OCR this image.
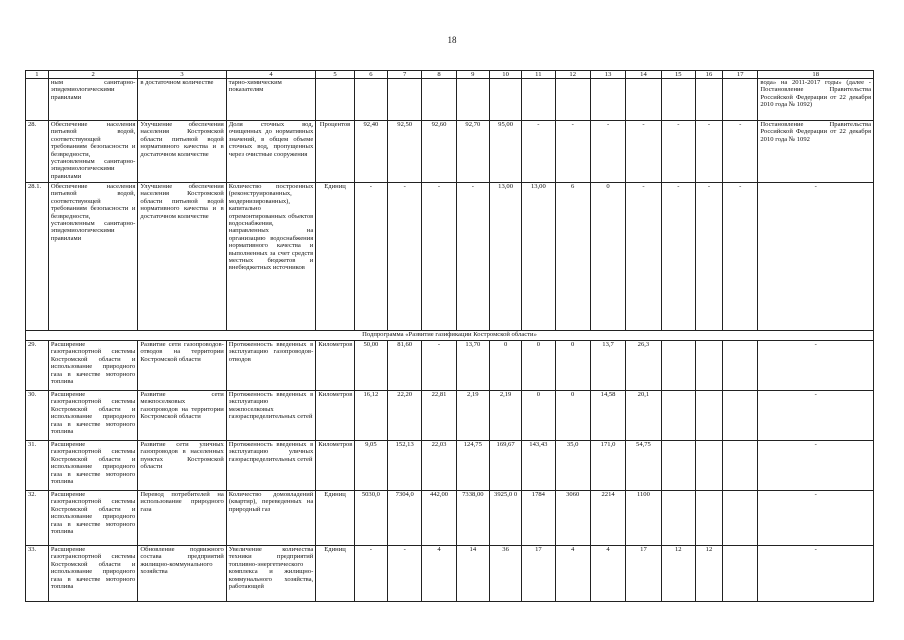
18
1	2	3	4	5	6	7	8	9	10	11	12	13	14	15	16	17	18

	ным санитарно-эпидемиологическими правилами	в достаточном количестве	тарно-химическим показателям														вода» на 2011-2017 годы» (далее - Постановление Правительства Российской Федерации от 22 декабря 2010 года № 1092)

28.	Обеспечение населения питьевой водой, соответствующей требованиям безопасности и безвредности, установленным санитарно-эпидемиологическими правилами	Улучшение обеспечения населения Костромской области питьевой водой нормативного качества и в достаточном количестве	Доля сточных вод, очищенных до нормативных значений, в общем объеме сточных вод, пропущенных через очистные сооружения	Процентов	92,40	92,50	92,60	92,70	95,00	-	-	-	-	-	-	-	Постановление Правительства Российской Федерации от 22 декабря 2010 года № 1092

28.1.	Обеспечение населения питьевой водой, соответствующей требованиям безопасности и безвредности, установленным санитарно-эпидемиологическими правилами	Улучшение обеспечения населения Костромской области питьевой водой нормативного качества и в достаточном количестве	Количество построенных (реконструированных, модернизированных), капитально отремонтированных объектов водоснабжения, направленных на организацию водоснабжения нормативного качества и выполненных за счет средств местных бюджетов и внебюджетных источников	Единиц	-	-	-	-	13,00	13,00	6	0	-	-	-	-	-
Подпрограмма «Развитие газификации Костромской области»																	
29.	Расширение газотранспортной системы Костромской области и использование природного газа в качестве моторного топлива	Развитие сети газопроводов-отводов на территории Костромской области	Протяженность введенных в эксплуатацию газопроводов-отводов	Километров	50,00	81,60	-	13,70	0	0	0	13,7	26,3				-
30.	Расширение газотранспортной системы Костромской области и использование природного газа в качестве моторного топлива	Развитие сети межпоселковых газопроводов на территории Костромской области	Протяженность введенных в эксплуатацию межпоселковых газораспределительных сетей	Километров	16,12	22,20	22,81	2,19	2,19	0	0	14,58	20,1				-
31.	Расширение газотранспортной системы Костромской области и использование природного газа в качестве моторного топлива	Развитие сети уличных газопроводов в населенных пунктах Костромской области	Протяженность введенных в эксплуатацию уличных газораспределительных сетей	Километров	9,05	152,13	22,03	124,75	169,67	143,43	35,0	171,0	54,75				-
32.	Расширение газотранспортной системы Костромской области и использование природного газа в качестве моторного топлива	Перевод потребителей на использование природного газа	Количество домовладений (квартир), переведенных на природный газ	Единиц	5030,0	7304,0	442,00	7338,00	3925,0 0	1784	3060	2214	1100				-
33.	Расширение газотранспортной системы Костромской области и использование природного газа в качестве моторного топлива	Обновление подвижного состава предприятий жилищно-коммунального хозяйства	Увеличение количества техники предприятий топливно-энергетического комплекса и жилищно-коммунального хозяйства, работающей	Единиц	-	-	4	14	36	17	4	4	17	12	12		-
